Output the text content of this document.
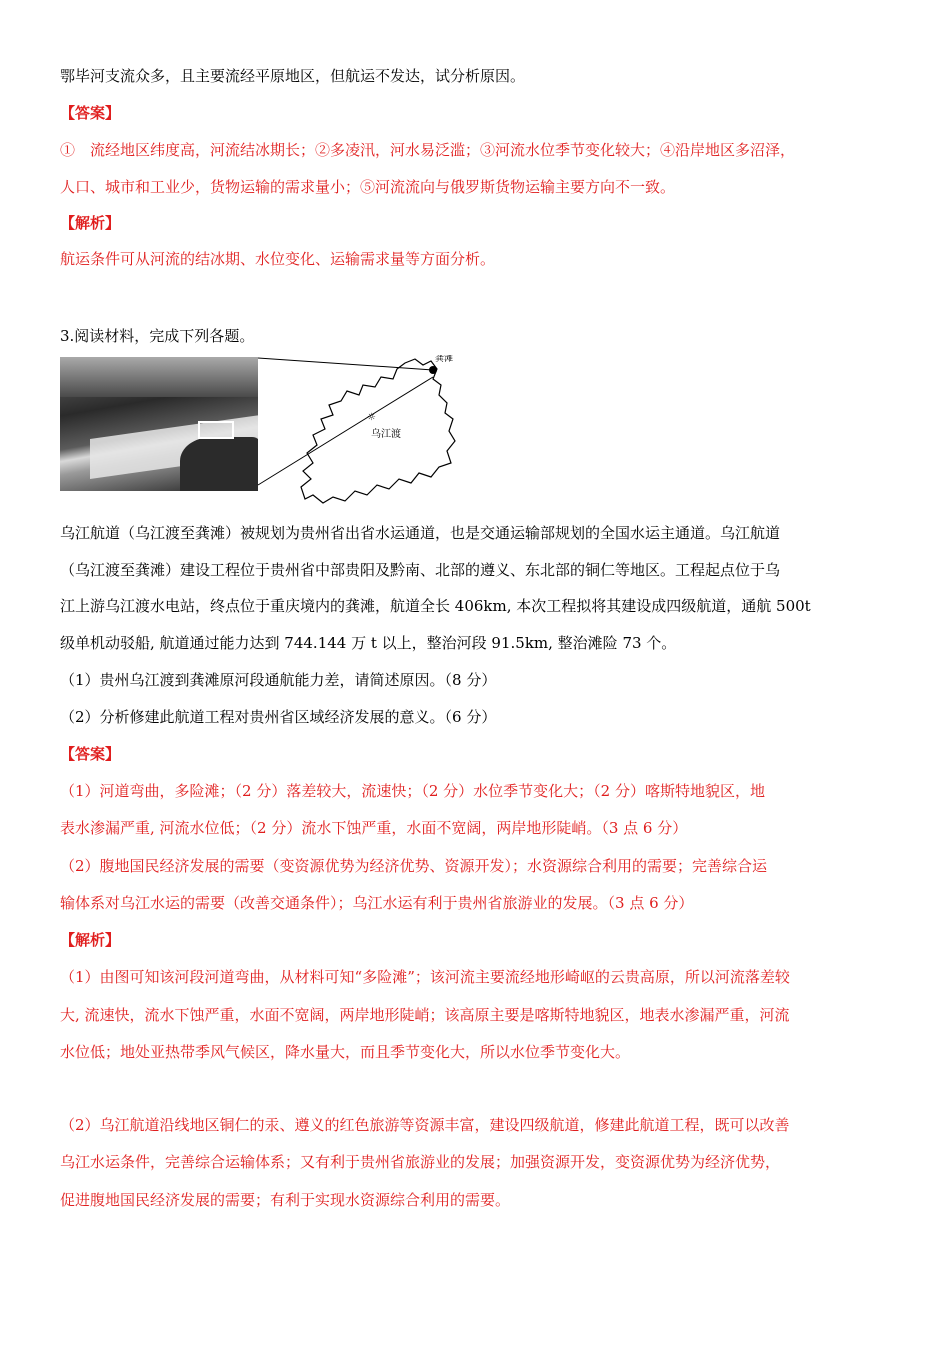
鄂毕河支流众多，且主要流经平原地区，但航运不发达，试分析原因。
【答案】
①　流经地区纬度高，河流结冰期长；②多凌汛，河水易泛滥；③河流水位季节变化较大；④沿岸地区多沼泽，
人口、城市和工业少，货物运输的需求量小；⑤河流流向与俄罗斯货物运输主要方向不一致。
【解析】
航运条件可从河流的结冰期、水位变化、运输需求量等方面分析。
3.阅读材料，完成下列各题。
龚滩
☼
乌江渡
乌江航道（乌江渡至龚滩）被规划为贵州省出省水运通道，也是交通运输部规划的全国水运主通道。乌江航道
（乌江渡至龚滩）建设工程位于贵州省中部贵阳及黔南、北部的遵义、东北部的铜仁等地区。工程起点位于乌
江上游乌江渡水电站，终点位于重庆境内的龚滩，航道全长 406km, 本次工程拟将其建设成四级航道，通航 500t
级单机动驳船, 航道通过能力达到 744.144 万 t 以上，整治河段 91.5km, 整治滩险 73 个。
（1）贵州乌江渡到龚滩原河段通航能力差，请简述原因。（8 分）
（2）分析修建此航道工程对贵州省区域经济发展的意义。（6 分）
【答案】
（1）河道弯曲，多险滩；（2 分）落差较大，流速快；（2 分）水位季节变化大；（2 分）喀斯特地貌区，地
表水渗漏严重, 河流水位低；（2 分）流水下蚀严重，水面不宽阔，两岸地形陡峭。（3 点 6 分）
（2）腹地国民经济发展的需要（变资源优势为经济优势、资源开发）；水资源综合利用的需要；完善综合运
输体系对乌江水运的需要（改善交通条件）；乌江水运有利于贵州省旅游业的发展。（3 点 6 分）
【解析】
（1）由图可知该河段河道弯曲，从材料可知“多险滩”；该河流主要流经地形崎岖的云贵高原，所以河流落差较
大, 流速快，流水下蚀严重，水面不宽阔，两岸地形陡峭；该高原主要是喀斯特地貌区，地表水渗漏严重，河流
水位低；地处亚热带季风气候区，降水量大，而且季节变化大，所以水位季节变化大。
（2）乌江航道沿线地区铜仁的汞、遵义的红色旅游等资源丰富，建设四级航道，修建此航道工程，既可以改善
乌江水运条件，完善综合运输体系；又有利于贵州省旅游业的发展；加强资源开发，变资源优势为经济优势，
促进腹地国民经济发展的需要；有利于实现水资源综合利用的需要。
